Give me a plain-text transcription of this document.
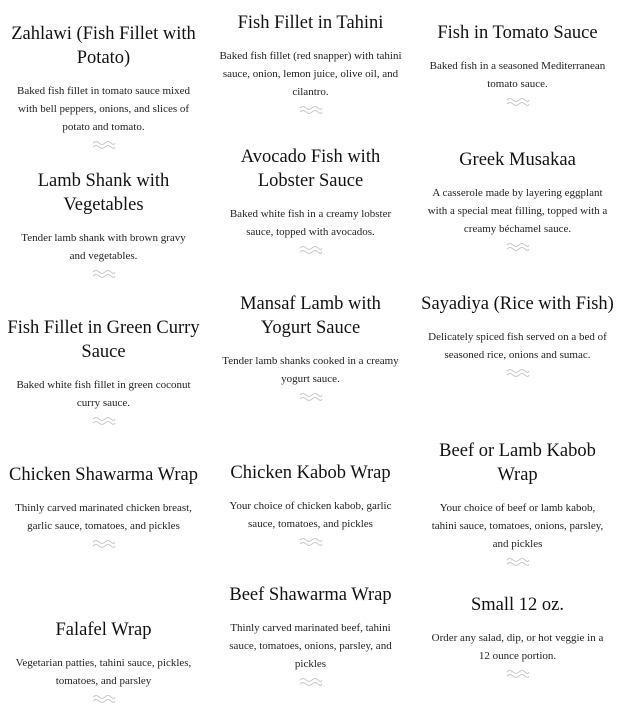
Zahlawi (Fish Fillet with Potato)

Baked fish fillet in tomato sauce mixed with bell peppers, onions, and slices of potato and tomato.

Lamb Shank with Vegetables

Tender lamb shank with brown gravy and vegetables.

Fish Fillet in Green Curry Sauce

Baked white fish fillet in green coconut curry sauce.

Chicken Shawarma Wrap

Thinly carved marinated chicken breast, garlic sauce, tomatoes, and pickles

Falafel Wrap

Vegetarian patties, tahini sauce, pickles, tomatoes, and parsley

Fish Fillet in Tahini

Baked fish fillet (red snapper) with tahini sauce, onion, lemon juice, olive oil, and cilantro.

Avocado Fish with Lobster Sauce

Baked white fish in a creamy lobster sauce, topped with avocados.

Mansaf Lamb with Yogurt Sauce

Tender lamb shanks cooked in a creamy yogurt sauce.

Chicken Kabob Wrap

Your choice of chicken kabob, garlic sauce, tomatoes, and pickles

Beef Shawarma Wrap

Thinly carved marinated beef, tahini sauce, tomatoes, onions, parsley, and pickles

Fish in Tomato Sauce

Baked fish in a seasoned Mediterranean tomato sauce.

Greek Musakaa

A casserole made by layering eggplant with a special meat filling, topped with a creamy béchamel sauce.

Sayadiya (Rice with Fish)

Delicately spiced fish served on a bed of seasoned rice, onions and sumac.

Beef or Lamb Kabob Wrap

Your choice of beef or lamb kabob, tahini sauce, tomatoes, onions, parsley, and pickles

Small 12 oz.

Order any salad, dip, or hot veggie in a 12 ounce portion.
